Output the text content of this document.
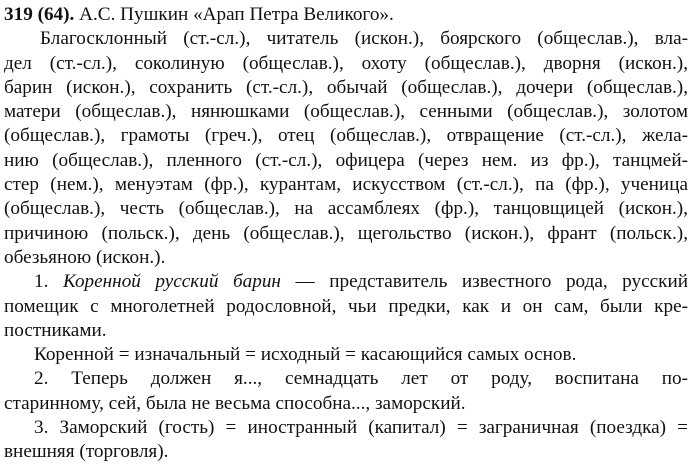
319 (64). А.С. Пушкин «Арап Петра Великого».
Благосклонный (ст.-сл.), читатель (искон.), боярского (общеслав.), вла-
дел (ст.-сл.), соколиную (общеслав.), охоту (общеслав.), дворня (искон.),
барин (искон.), сохранить (ст.-сл.), обычай (общеслав.), дочери (общеслав.),
матери (общеслав.), нянюшками (общеслав.), сенными (общеслав.), золотом
(общеслав.), грамоты (греч.), отец (общеслав.), отвращение (ст.-сл.), жела-
нию (общеслав.), пленного (ст.-сл.), офицера (через нем. из фр.), танцмей-
стер (нем.), менуэтам (фр.), курантам, искусством (ст.-сл.), па (фр.), ученица
(общеслав.), честь (общеслав.), на ассамблеях (фр.), танцовщицей (искон.),
причиною (польск.), день (общеслав.), щегольство (искон.), франт (польск.),
обезьяною (искон.).
1. Коренной русский барин — представитель известного рода, русский
помещик с многолетней родословной, чьи предки, как и он сам, были кре-
постниками.
Коренной = изначальный = исходный = касающийся самых основ.
2. Теперь должен я..., семнадцать лет от роду, воспитана по-
старинному, сей, была не весьма способна..., заморский.
3. Заморский (гость) = иностранный (капитал) = заграничная (поездка) =
внешняя (торговля).
